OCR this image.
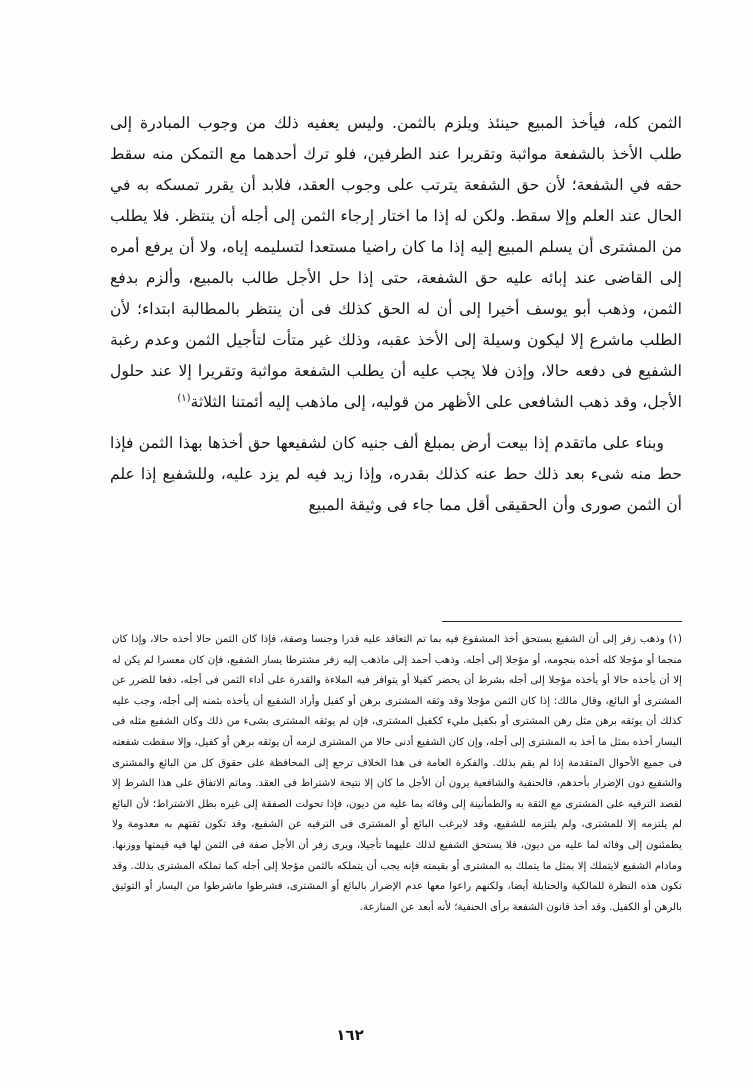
الثمن كله، فيأخذ المبيع حينئذ ويلزم بالثمن. وليس يعفيه ذلك من وجوب المبادرة إلى طلب الأخذ بالشفعة مواثبة وتقريرا عند الطرفين، فلو ترك أحدهما مع التمكن منه سقط حقه في الشفعة؛ لأن حق الشفعة يترتب على وجوب العقد، فلابد أن يقرر تمسكه به في الحال عند العلم وإلا سقط. ولكن له إذا ما اختار إرجاء الثمن إلى أجله أن ينتظر. فلا يطلب من المشترى أن يسلم المبيع إليه إذا ما كان راضيا مستعدا لتسليمه إياه، ولا أن يرفع أمره إلى القاضى عند إبائه عليه حق الشفعة، حتى إذا حل الأجل طالب بالمبيع، وألزم بدفع الثمن، وذهب أبو يوسف أخيرا إلى أن له الحق كذلك فى أن ينتظر بالمطالبة ابتداء؛ لأن الطلب ماشرع إلا ليكون وسيلة إلى الأخذ عقبه، وذلك غير متأت لتأجيل الثمن وعدم رغبة الشفيع فى دفعه حالا، وإذن فلا يجب عليه أن يطلب الشفعة مواثبة وتقريرا إلا عند حلول الأجل، وقد ذهب الشافعى على الأظهر من قوليه، إلى ماذهب إليه أئمتنا الثلاثة$^{(١)}$

وبناء على ماتقدم إذا بيعت أرض بمبلغ ألف جنيه كان لشفيعها حق أخذها بهذا الثمن فإذا حط منه شىء بعد ذلك حط عنه كذلك بقدره، وإذا زيد فيه لم يزد عليه، وللشفيع إذا علم أن الثمن صورى وأن الحقيقى أقل مما جاء فى وثيقة المبيع

(١) وذهب زفر إلى أن الشفيع يستحق أخذ المشفوع فيه بما تم التعاقد عليه قدرا وجنسا وصفة، فإذا كان الثمن حالا أخذه حالا، وإذا كان منجما أو مؤجلا كله أخذه بنجومه، أو مؤجلا إلى أجله. وذهب أحمد إلى ماذهب إليه زفر مشترطا يسار الشفيع، فإن كان معسرا لم يكن له إلا أن يأخذه حالا أو يأخذه مؤجلا إلى أجله بشرط أن يحضر كفيلا أو يتوافر فيه الملاءة والقدرة على أداء الثمن فى أجله، دفعا للضرر عن المشترى أو البائع، وقال مالك: إذا كان الثمن مؤجلا وقد وثقه المشترى برهن أو كفيل وأراد الشفيع أن يأخذه بثمنه إلى أجله، وجب عليه كذلك أن يوثقه برهن مثل رهن المشترى أو بكفيل مليء ككفيل المشترى، فإن لم يوثقه المشترى بشىء من ذلك وكان الشفيع مثله فى اليسار أخذه بمثل ما أخذ به المشترى إلى أجله، وإن كان الشفيع أدنى حالا من المشترى لزمه أن يوثقه برهن أو كفيل، وإلا سقطت شفعته فى جميع الأحوال المتقدمة إذا لم يقم بذلك. والفكرة العامة فى هذا الخلاف ترجع إلى المحافظة على حقوق كل من البائع والمشترى والشفيع دون الإضرار بأحدهم، فالحنفية والشافعية يرون أن الأجل ما كان إلا نتيجة لاشتراط فى العقد. وماتم الاتفاق على هذا الشرط إلا لقصد الترفيه على المشترى مع الثقة به والطمأنينة إلى وفائه بما عليه من ديون، فإذا تحولت الصفقة إلى غيره بطل الاشتراط؛ لأن البائع لم يلتزمه إلا للمشترى، ولم يلتزمه للشفيع، وقد لايرغب البائع أو المشترى فى الترفيه عن الشفيع، وقد تكون ثقتهم به معدومة ولا يطمئنون إلى وفائه لما عليه من ديون، فلا يستحق الشفيع لذلك عليهما تأجيلا، ويرى زفر أن الأجل صفة فى الثمن لها فيه قيمتها ووزنها. ومادام الشفيع لايتملك إلا بمثل ما يتملك به المشترى أو بقيمته فإنه يجب أن يتملكه بالثمن مؤجلا إلى أجله كما تملكه المشترى بذلك. وقد تكون هذه النظرة للمالكية والحنابلة أيضا، ولكنهم راعوا معها عدم الإضرار بالبائع أو المشترى، فشرطوا ماشرطوا من اليسار أو التوثيق بالرهن أو الكفيل. وقد أخذ قانون الشفعة برأى الحنفية؛ لأنه أبعد عن المنازعة.

١٦٢
